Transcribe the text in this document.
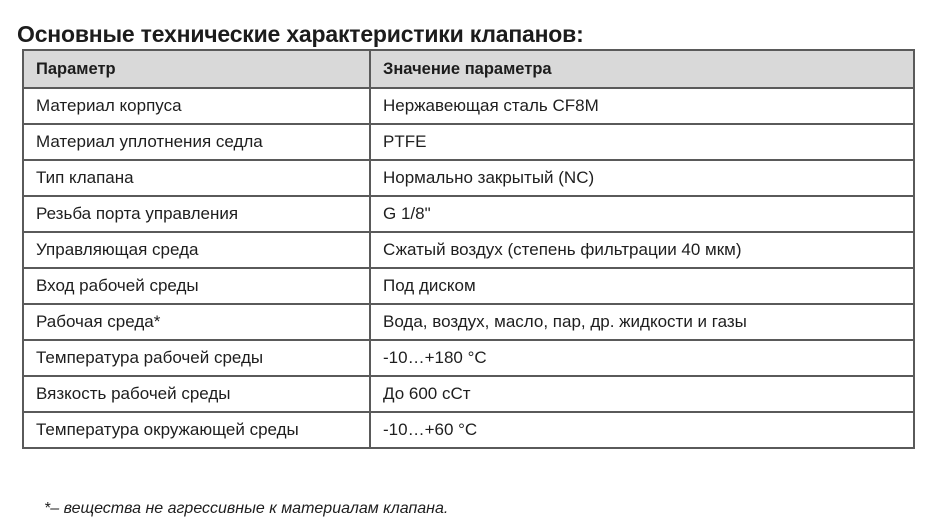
Основные технические характеристики клапанов:
Параметр	Значение параметра
Материал корпуса	Нержавеющая сталь CF8M
Материал уплотнения седла	PTFE
Тип клапана	Нормально закрытый (NC)
Резьба порта управления	G 1/8"
Управляющая среда	Сжатый воздух (степень фильтрации 40 мкм)
Вход рабочей среды	Под диском
Рабочая среда*	Вода, воздух, масло, пар, др. жидкости и газы
Температура рабочей среды	-10…+180 °C
Вязкость рабочей среды	До 600 сСт
Температура окружающей среды	-10…+60 °C

*– вещества не агрессивные к материалам клапана.
